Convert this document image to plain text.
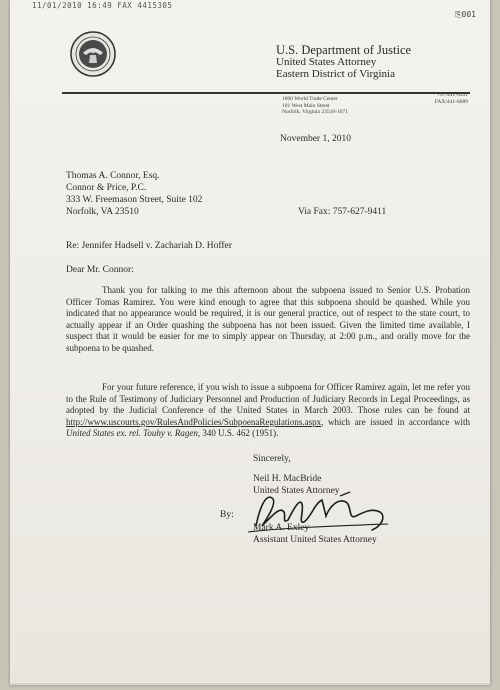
11/01/2010 16:49 FAX 4415305
⎘001
U.S. Department of Justice
United States Attorney
Eastern District of Virginia
1000 World Trade Center
101 West Main Street
Norfolk, Virginia 23510-1671
757/441-6331
FAX/441-6689
November 1, 2010
Thomas A. Connor, Esq.
Connor & Price, P.C.
333 W. Freemason Street, Suite 102
Norfolk, VA 23510	Via Fax: 757-627-9411
Re: Jennifer Hadsell v. Zachariah D. Hoffer
Dear Mr. Connor:
Thank you for talking to me this afternoon about the subpoena issued to Senior U.S. Probation Officer Tomas Ramirez. You were kind enough to agree that this subpoena should be quashed. While you indicated that no appearance would be required, it is our general practice, out of respect to the state court, to actually appear if an Order quashing the subpoena has not been issued. Given the limited time available, I suspect that it would be easier for me to simply appear on Thursday, at 2:00 p.m., and orally move for the subpoena to be quashed.
For your future reference, if you wish to issue a subpoena for Officer Ramirez again, let me refer you to the Rule of Testimony of Judiciary Personnel and Production of Judiciary Records in Legal Proceedings, as adopted by the Judicial Conference of the United States in March 2003. Those rules can be found at http://www.uscourts.gov/RulesAndPolicies/SubpoenaRegulations.aspx, which are issued in accordance with United States ex. rel. Touhy v. Ragen, 340 U.S. 462 (1951).
Sincerely,
Neil H. MacBride
United States Attorney
By:
Mark A. Exley
Assistant United States Attorney
